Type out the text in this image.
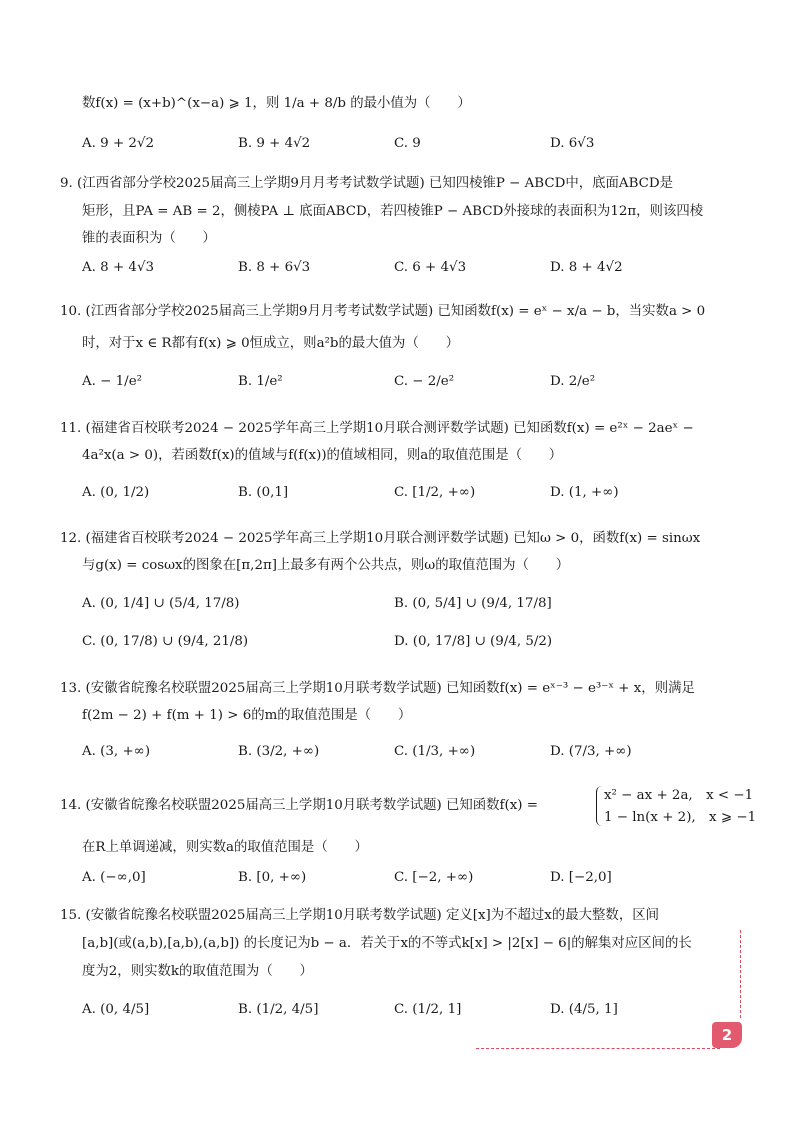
数f(x) = (x+b)^(x−a) ⩾ 1，则 1/a + 8/b 的最小值为（　　）
A. 9 + 2√2	B. 9 + 4√2	C. 9	D. 6√3
9. (江西省部分学校2025届高三上学期9月月考考试数学试题) 已知四棱锥P − ABCD中，底面ABCD是
矩形，且PA = AB = 2，侧棱PA ⊥ 底面ABCD，若四棱锥P − ABCD外接球的表面积为12π，则该四棱
锥的表面积为（　　）
A. 8 + 4√3	B. 8 + 6√3	C. 6 + 4√3	D. 8 + 4√2
10. (江西省部分学校2025届高三上学期9月月考考试数学试题) 已知函数f(x) = eˣ − x/a − b，当实数a > 0
时，对于x ∈ R都有f(x) ⩾ 0恒成立，则a²b的最大值为（　　）
A. − 1/e²	B. 1/e²	C. − 2/e²	D. 2/e²
11. (福建省百校联考2024 − 2025学年高三上学期10月联合测评数学试题) 已知函数f(x) = e²ˣ − 2aeˣ −
4a²x(a > 0)，若函数f(x)的值域与f(f(x))的值域相同，则a的取值范围是（　　）
A. (0, 1/2)	B. (0,1]	C. [1/2, +∞)	D. (1, +∞)
12. (福建省百校联考2024 − 2025学年高三上学期10月联合测评数学试题) 已知ω > 0，函数f(x) = sinωx
与g(x) = cosωx的图象在[π,2π]上最多有两个公共点，则ω的取值范围为（　　）
A. (0, 1/4] ∪ (5/4, 17/8)	B. (0, 5/4] ∪ (9/4, 17/8]
C. (0, 17/8) ∪ (9/4, 21/8)	D. (0, 17/8] ∪ (9/4, 5/2)
13. (安徽省皖豫名校联盟2025届高三上学期10月联考数学试题) 已知函数f(x) = eˣ⁻³ − e³⁻ˣ + x，则满足
f(2m − 2) + f(m + 1) > 6的m的取值范围是（　　）
A. (3, +∞)	B. (3/2, +∞)	C. (1/3, +∞)	D. (7/3, +∞)
14. (安徽省皖豫名校联盟2025届高三上学期10月联考数学试题) 已知函数f(x) =
x² − ax + 2a,　x < −1
1 − ln(x + 2),　x ⩾ −1
在R上单调递减，则实数a的取值范围是（　　）
A. (−∞,0]	B. [0, +∞)	C. [−2, +∞)	D. [−2,0]
15. (安徽省皖豫名校联盟2025届高三上学期10月联考数学试题) 定义[x]为不超过x的最大整数，区间
[a,b](或(a,b),[a,b),(a,b]) 的长度记为b − a．若关于x的不等式k[x] > |2[x] − 6|的解集对应区间的长
度为2，则实数k的取值范围为（　　）
A. (0, 4/5]	B. (1/2, 4/5]	C. (1/2, 1]	D. (4/5, 1]
2
